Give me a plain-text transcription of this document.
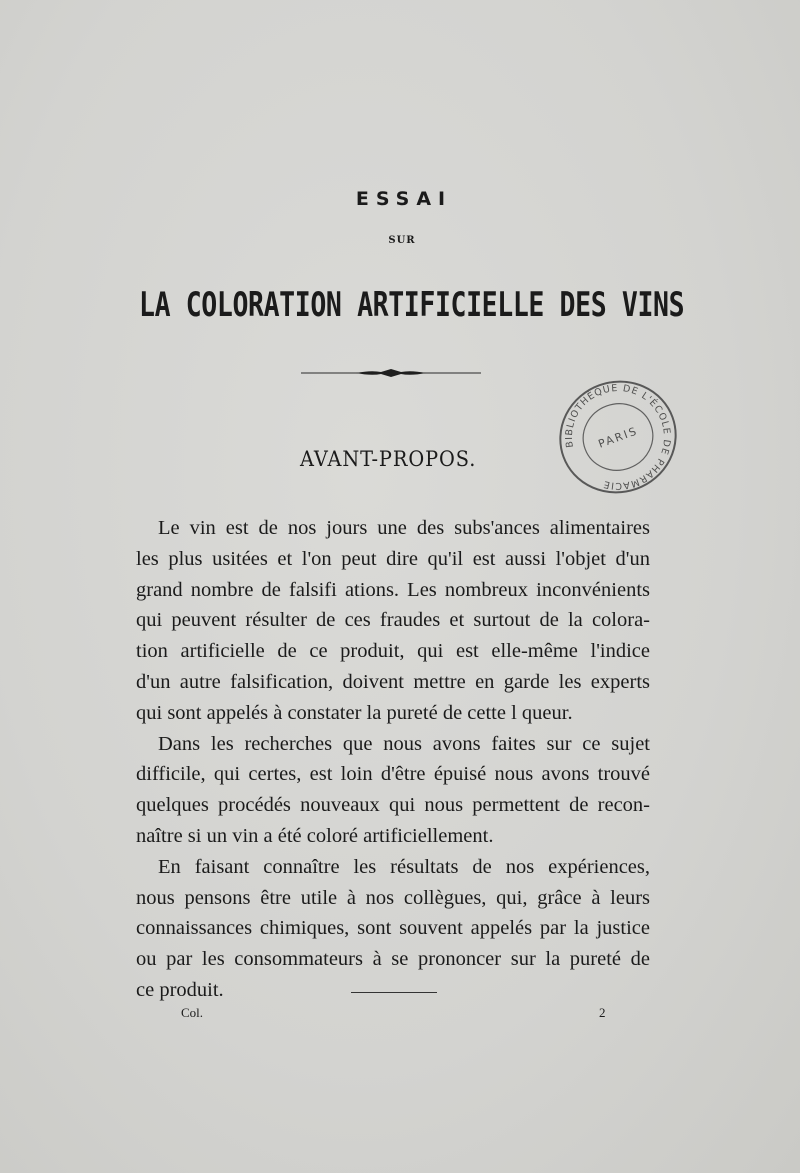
ESSAI
SUR
LA COLORATION ARTIFICIELLE DES VINS
AVANT-PROPOS.
BIBLIOTHÈQUE DE L'ÉCOLE DE PHARMACIE
PARIS
Le vin est de nos jours une des subs'ances alimentaires
les plus usitées et l'on peut dire qu'il est aussi l'objet d'un
grand nombre de falsifi ations. Les nombreux inconvénients
qui peuvent résulter de ces fraudes et surtout de la colora-
tion artificielle de ce produit, qui est elle-même l'indice
d'un autre falsification, doivent mettre en garde les experts
qui sont appelés à constater la pureté de cette l queur.
Dans les recherches que nous avons faites sur ce sujet
difficile, qui certes, est loin d'être épuisé nous avons trouvé
quelques procédés nouveaux qui nous permettent de recon-
naître si un vin a été coloré artificiellement.
En faisant connaître les résultats de nos expériences,
nous pensons être utile à nos collègues, qui, grâce à leurs
connaissances chimiques, sont souvent appelés par la justice
ou par les consommateurs à se prononcer sur la pureté de
ce produit.
Col.	2
